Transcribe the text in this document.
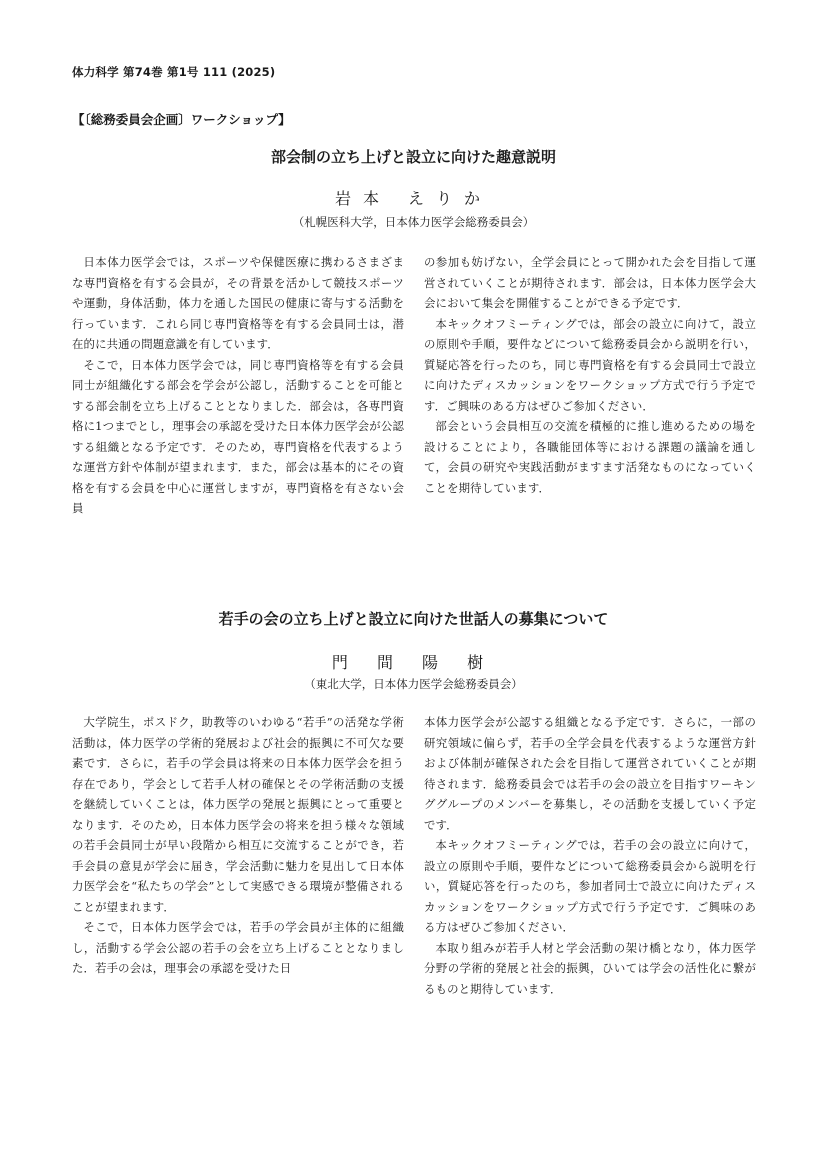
体力科学 第74巻 第1号 111 (2025)
【〔総務委員会企画〕ワークショップ】
部会制の立ち上げと設立に向けた趣意説明
岩本 えりか
（札幌医科大学，日本体力医学会総務委員会）

日本体力医学会では，スポーツや保健医療に携わるさまざまな専門資格を有する会員が，その背景を活かして競技スポーツや運動，身体活動，体力を通した国民の健康に寄与する活動を行っています．これら同じ専門資格等を有する会員同士は，潜在的に共通の問題意識を有しています．

そこで，日本体力医学会では，同じ専門資格等を有する会員同士が組織化する部会を学会が公認し，活動することを可能とする部会制を立ち上げることとなりました．部会は，各専門資格に1つまでとし，理事会の承認を受けた日本体力医学会が公認する組織となる予定です．そのため，専門資格を代表するような運営方針や体制が望まれます．また，部会は基本的にその資格を有する会員を中心に運営しますが，専門資格を有さない会員

の参加も妨げない，全学会員にとって開かれた会を目指して運営されていくことが期待されます．部会は，日本体力医学会大会において集会を開催することができる予定です．

本キックオフミーティングでは，部会の設立に向けて，設立の原則や手順，要件などについて総務委員会から説明を行い，質疑応答を行ったのち，同じ専門資格を有する会員同士で設立に向けたディスカッションをワークショップ方式で行う予定です．ご興味のある方はぜひご参加ください．

部会という会員相互の交流を積極的に推し進めるための場を設けることにより，各職能団体等における課題の議論を通して，会員の研究や実践活動がますます活発なものになっていくことを期待しています．

若手の会の立ち上げと設立に向けた世話人の募集について
門 間 陽 樹
（東北大学，日本体力医学会総務委員会）

大学院生，ポスドク，助教等のいわゆる“若手”の活発な学術活動は，体力医学の学術的発展および社会的振興に不可欠な要素です．さらに，若手の学会員は将来の日本体力医学会を担う存在であり，学会として若手人材の確保とその学術活動の支援を継続していくことは，体力医学の発展と振興にとって重要となります．そのため，日本体力医学会の将来を担う様々な領域の若手会員同士が早い段階から相互に交流することができ，若手会員の意見が学会に届き，学会活動に魅力を見出して日本体力医学会を“私たちの学会”として実感できる環境が整備されることが望まれます．

そこで，日本体力医学会では，若手の学会員が主体的に組織し，活動する学会公認の若手の会を立ち上げることとなりました．若手の会は，理事会の承認を受けた日

本体力医学会が公認する組織となる予定です．さらに，一部の研究領域に偏らず，若手の全学会員を代表するような運営方針および体制が確保された会を目指して運営されていくことが期待されます．総務委員会では若手の会の設立を目指すワーキンググループのメンバーを募集し，その活動を支援していく予定です．

本キックオフミーティングでは，若手の会の設立に向けて，設立の原則や手順，要件などについて総務委員会から説明を行い，質疑応答を行ったのち，参加者同士で設立に向けたディスカッションをワークショップ方式で行う予定です．ご興味のある方はぜひご参加ください．

本取り組みが若手人材と学会活動の架け橋となり，体力医学分野の学術的発展と社会的振興，ひいては学会の活性化に繋がるものと期待しています．
